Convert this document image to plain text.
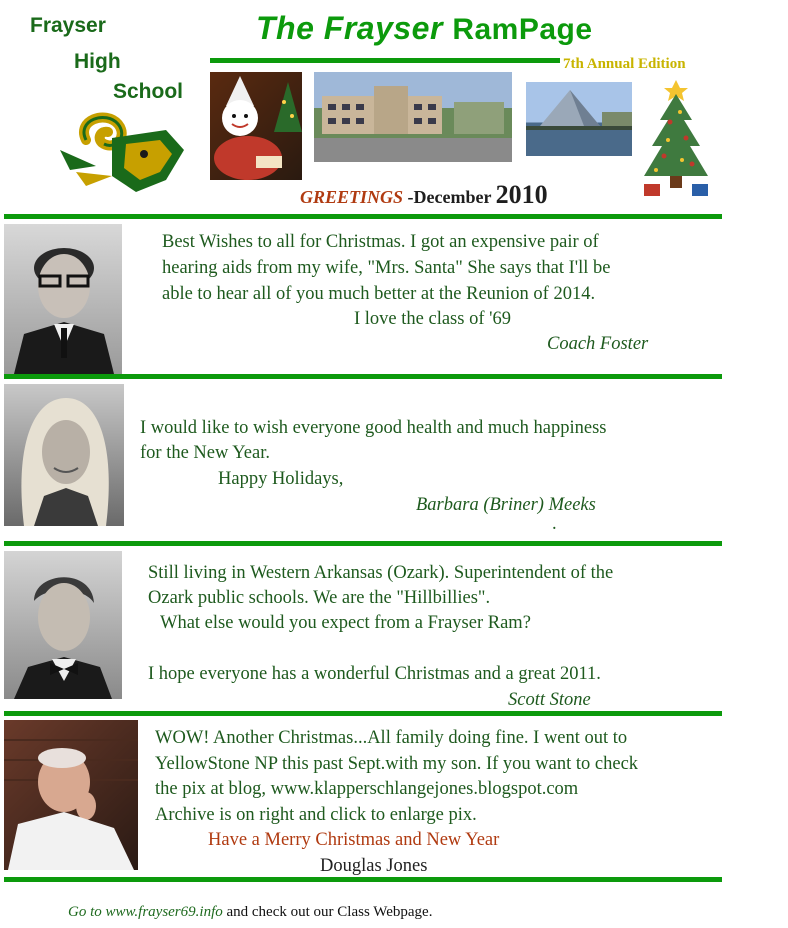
Frayser
High
School
The Frayser RamPage
7th Annual Edition
GREETINGS -December 2010
Best Wishes to all for Christmas. I got an expensive pair of
hearing aids from my wife, "Mrs. Santa" She says that I'll be
able to hear all of you much better at the Reunion of 2014.
I love the class of '69
Coach Foster
I would like to wish everyone good health and much happiness
for the New Year.
Happy Holidays,
Barbara (Briner) Meeks
.
Still living in Western Arkansas (Ozark). Superintendent of the
Ozark public schools. We are the "Hillbillies".
What else would you expect from a Frayser Ram?
I hope everyone has a wonderful Christmas and a great 2011.
Scott Stone
WOW! Another Christmas...All family doing fine. I went out to
YellowStone NP this past Sept.with my son. If you want to check
the pix at blog, www.klapperschlangejones.blogspot.com
Archive is on right and click to enlarge pix.
Have a Merry Christmas and New Year
Douglas Jones
Go to www.frayser69.info and check out our Class Webpage.
